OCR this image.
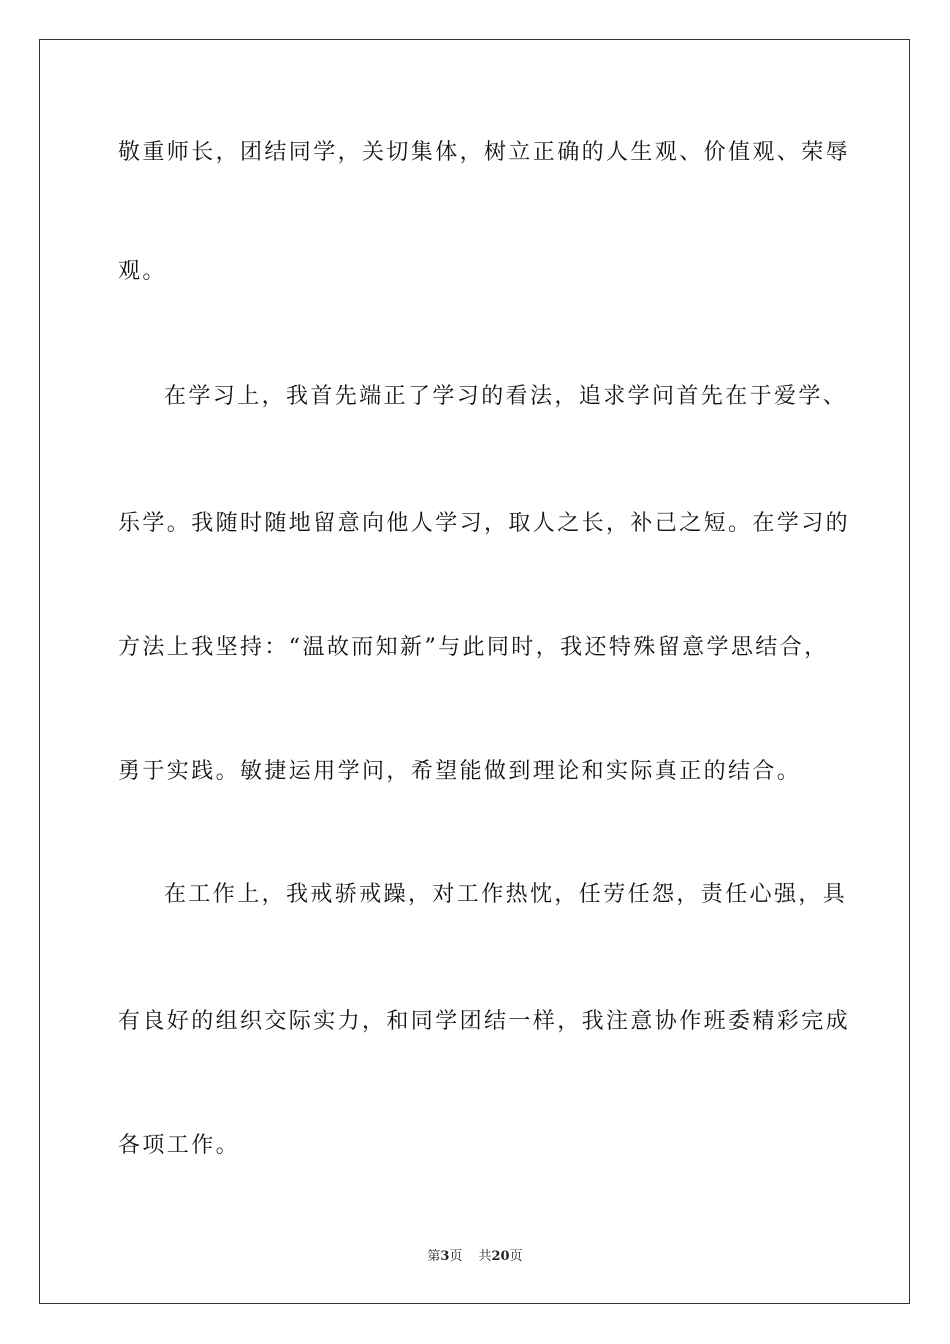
敬重师长，团结同学，关切集体，树立正确的人生观、价值观、荣辱
观。
在学习上，我首先端正了学习的看法，追求学问首先在于爱学、
乐学。我随时随地留意向他人学习，取人之长，补己之短。在学习的
方法上我坚持：“温故而知新”与此同时，我还特殊留意学思结合，
勇于实践。敏捷运用学问，希望能做到理论和实际真正的结合。
在工作上，我戒骄戒躁，对工作热忱，任劳任怨，责任心强，具
有良好的组织交际实力，和同学团结一样，我注意协作班委精彩完成
各项工作。
第3页 共20页
